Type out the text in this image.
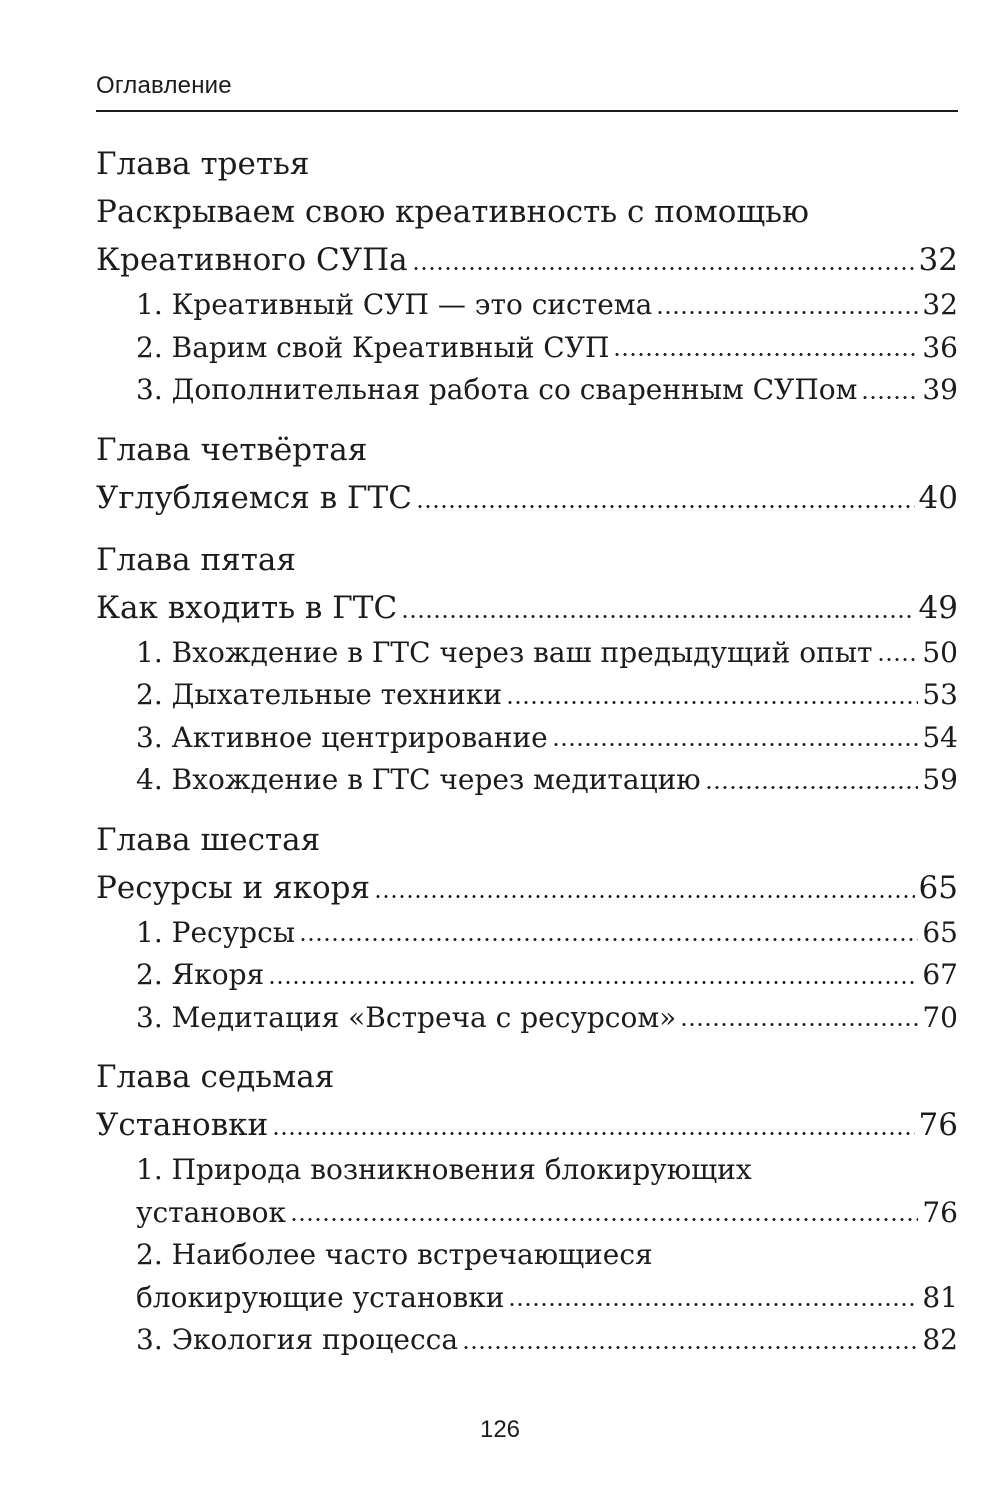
Оглавление
Глава третья
Раскрываем свою креативность с помощью
Креативного СУПа	32
1. Креативный СУП — это система	32
2. Варим свой Креативный СУП	36
3. Дополнительная работа со сваренным СУПом 39
Глава четвёртая
Углубляемся в ГТС	40
Глава пятая
Как входить в ГТС	49
1. Вхождение в ГТС через ваш предыдущий опыт 50
2. Дыхательные техники	53
3. Активное центрирование	54
4. Вхождение в ГТС через медитацию	59
Глава шестая
Ресурсы и якоря	65
1. Ресурсы	65
2. Якоря	67
3. Медитация «Встреча с ресурсом»	70
Глава седьмая
Установки	76
1. Природа возникновения блокирующих
установок	76
2. Наиболее часто встречающиеся
блокирующие установки	81
3. Экология процесса	82
126
